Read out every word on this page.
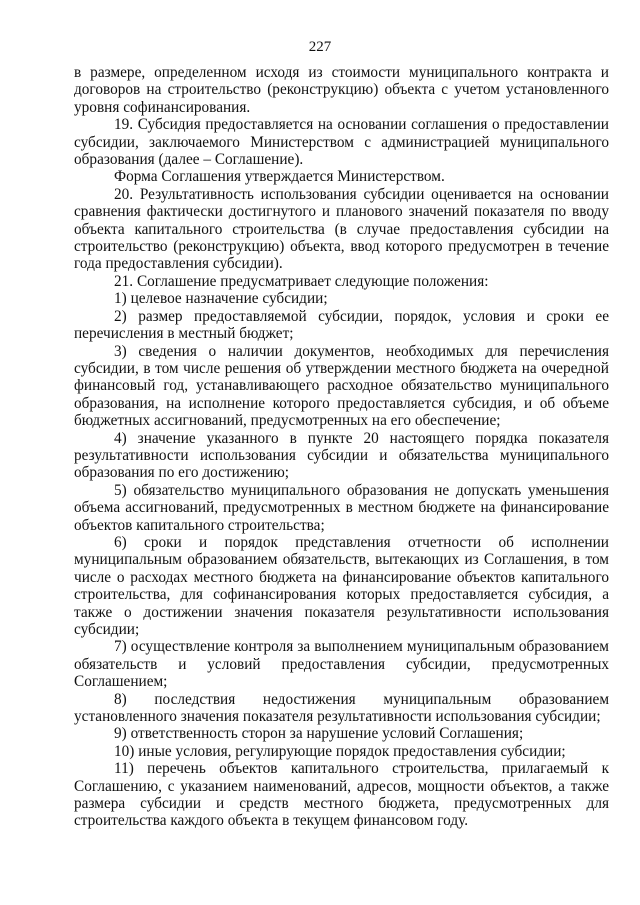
227

в размере, определенном исходя из стоимости муниципального контракта и договоров на строительство (реконструкцию) объекта с учетом установленного уровня софинансирования.

19. Субсидия предоставляется на основании соглашения о предоставлении субсидии, заключаемого Министерством с администрацией муниципального образования (далее – Соглашение).

Форма Соглашения утверждается Министерством.

20. Результативность использования субсидии оценивается на основании сравнения фактически достигнутого и планового значений показателя по вводу объекта капитального строительства (в случае предоставления субсидии на строительство (реконструкцию) объекта, ввод которого предусмотрен в течение года предоставления субсидии).

21. Соглашение предусматривает следующие положения:

1) целевое назначение субсидии;

2) размер предоставляемой субсидии, порядок, условия и сроки ее перечисления в местный бюджет;

3) сведения о наличии документов, необходимых для перечисления субсидии, в том числе решения об утверждении местного бюджета на очередной финансовый год, устанавливающего расходное обязательство муниципального образования, на исполнение которого предоставляется субсидия, и об объеме бюджетных ассигнований, предусмотренных на его обеспечение;

4) значение указанного в пункте 20 настоящего порядка показателя результативности использования субсидии и обязательства муниципального образования по его достижению;

5) обязательство муниципального образования не допускать уменьшения объема ассигнований, предусмотренных в местном бюджете на финансирование объектов капитального строительства;

6) сроки и порядок представления отчетности об исполнении муниципальным образованием обязательств, вытекающих из Соглашения, в том числе о расходах местного бюджета на финансирование объектов капитального строительства, для софинансирования которых предоставляется субсидия, а также о достижении значения показателя результативности использования субсидии;

7) осуществление контроля за выполнением муниципальным образованием обязательств и условий предоставления субсидии, предусмотренных Соглашением;

8) последствия недостижения муниципальным образованием установленного значения показателя результативности использования субсидии;

9) ответственность сторон за нарушение условий Соглашения;

10) иные условия, регулирующие порядок предоставления субсидии;

11) перечень объектов капитального строительства, прилагаемый к Соглашению, с указанием наименований, адресов, мощности объектов, а также размера субсидии и средств местного бюджета, предусмотренных для строительства каждого объекта в текущем финансовом году.
